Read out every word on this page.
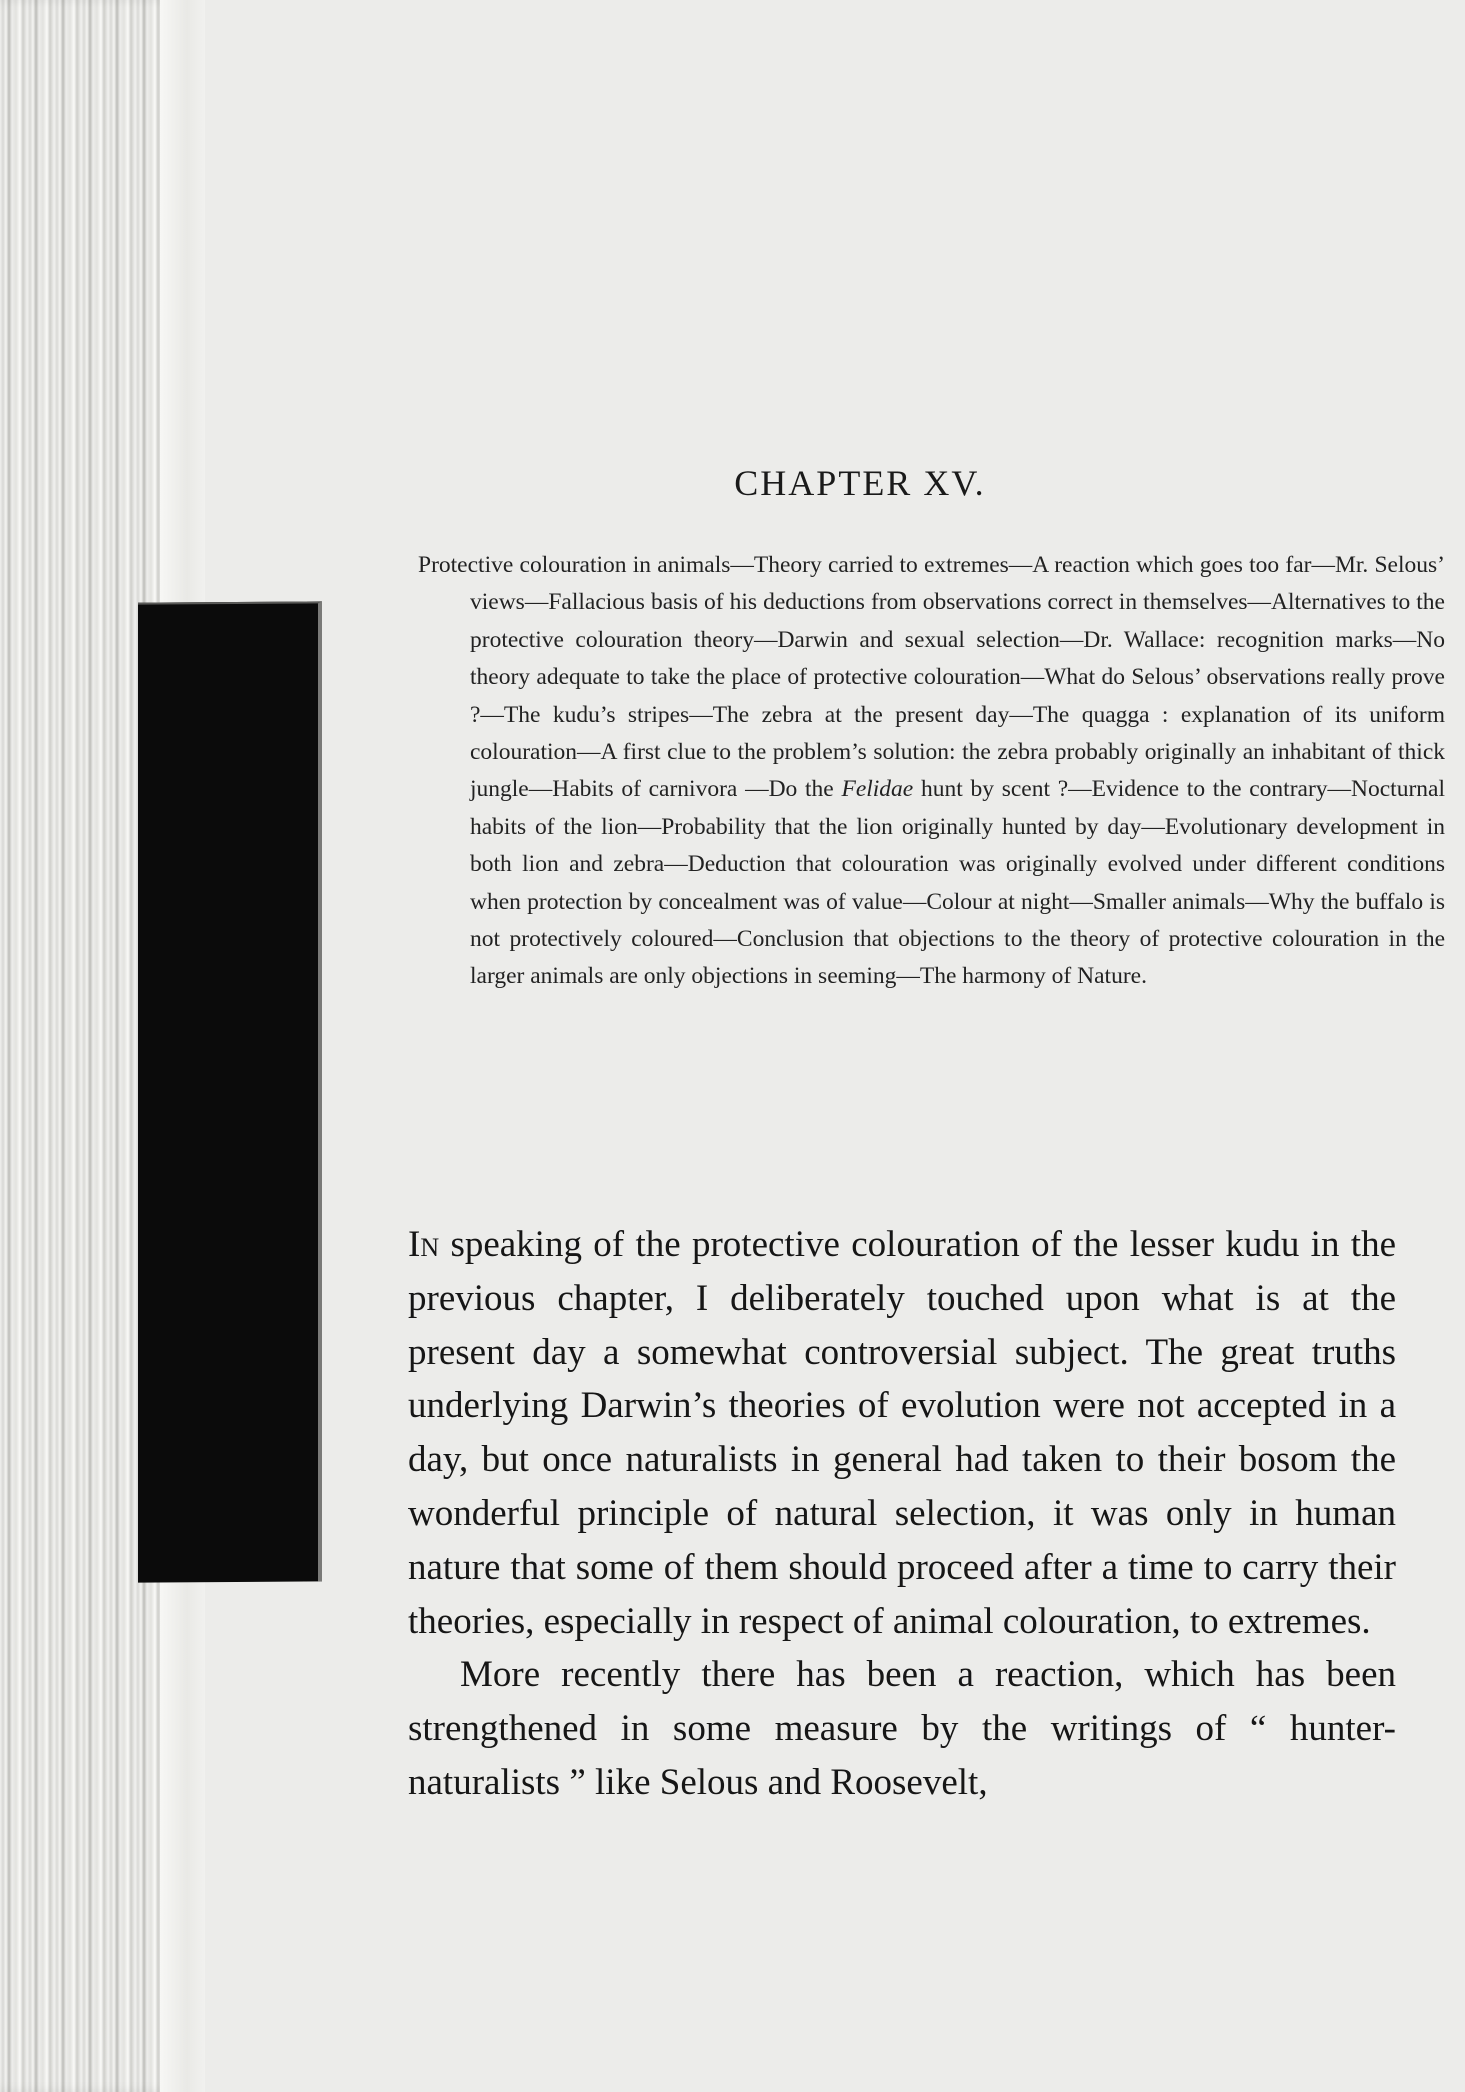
CHAPTER XV.
Protective colouration in animals—Theory carried to extremes—A reaction which goes too far—Mr. Selous’ views—Fallacious basis of his deductions from observations correct in themselves—Alternatives to the protective colouration theory—Darwin and sexual selection—Dr. Wallace: recognition marks—No theory adequate to take the place of protective colouration—What do Selous’ observations really prove ?—The kudu’s stripes—The zebra at the present day—The quagga : explanation of its uniform colouration—A first clue to the problem’s solution: the zebra probably originally an inhabitant of thick jungle—Habits of carnivora —Do the Felidae hunt by scent ?—Evidence to the contrary—Nocturnal habits of the lion—Probability that the lion originally hunted by day—Evolutionary development in both lion and zebra—Deduction that colouration was originally evolved under different conditions when protection by concealment was of value—Colour at night—Smaller animals—Why the buffalo is not protectively coloured—Conclusion that objections to the theory of protective colouration in the larger animals are only objections in seeming—The harmony of Nature.

In speaking of the protective colouration of the lesser kudu in the previous chapter, I deliberately touched upon what is at the present day a somewhat controversial subject. The great truths underlying Darwin’s theories of evolution were not accepted in a day, but once naturalists in general had taken to their bosom the wonderful principle of natural selection, it was only in human nature that some of them should proceed after a time to carry their theories, especially in respect of animal colouration, to extremes.

More recently there has been a reaction, which has been strengthened in some measure by the writings of “ hunter-naturalists ” like Selous and Roosevelt,
